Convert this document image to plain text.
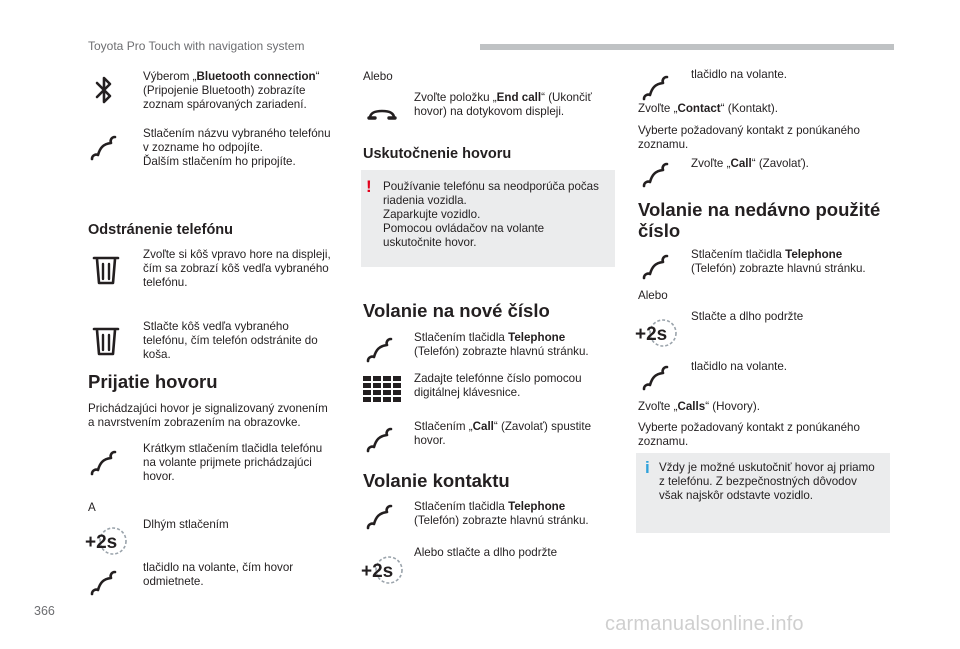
Toyota Pro Touch with navigation system
366
carmanualsonline.info
Výberom „Bluetooth connection“
(Pripojenie Bluetooth) zobrazíte
zoznam spárovaných zariadení.
Stlačením názvu vybraného telefónu
v zozname ho odpojíte.
Ďalším stlačením ho pripojíte.
Odstránenie telefónu
Zvoľte si kôš vpravo hore na displeji,
čím sa zobrazí kôš vedľa vybraného
telefónu.
Stlačte kôš vedľa vybraného
telefónu, čím telefón odstránite do
koša.
Prijatie hovoru
Prichádzajúci hovor je signalizovaný zvonením
a navrstvením zobrazením na obrazovke.
Krátkym stlačením tlačidla telefónu
na volante prijmete prichádzajúci
hovor.
A
Dlhým stlačením
+2s
tlačidlo na volante, čím hovor
odmietnete.
Alebo
Zvoľte položku „End call“ (Ukončiť
hovor) na dotykovom displeji.
Uskutočnenie hovoru
! Používanie telefónu sa neodporúča počas
riadenia vozidla.
Zaparkujte vozidlo.
Pomocou ovládačov na volante
uskutočnite hovor.
Volanie na nové číslo
Stlačením tlačidla Telephone
(Telefón) zobrazte hlavnú stránku.
Zadajte telefónne číslo pomocou
digitálnej klávesnice.
Stlačením „Call“ (Zavolať) spustite
hovor.
Volanie kontaktu
Stlačením tlačidla Telephone
(Telefón) zobrazte hlavnú stránku.
Alebo stlačte a dlho podržte
+2s
tlačidlo na volante.
Zvoľte „Contact“ (Kontakt).
Vyberte požadovaný kontakt z ponúkaného
zoznamu.
Zvoľte „Call“ (Zavolať).
Volanie na nedávno použité
číslo
Stlačením tlačidla Telephone
(Telefón) zobrazte hlavnú stránku.
Alebo
Stlačte a dlho podržte
+2s
tlačidlo na volante.
Zvoľte „Calls“ (Hovory).
Vyberte požadovaný kontakt z ponúkaného
zoznamu.
i Vždy je možné uskutočniť hovor aj priamo
z telefónu. Z bezpečnostných dôvodov
však najskôr odstavte vozidlo.
